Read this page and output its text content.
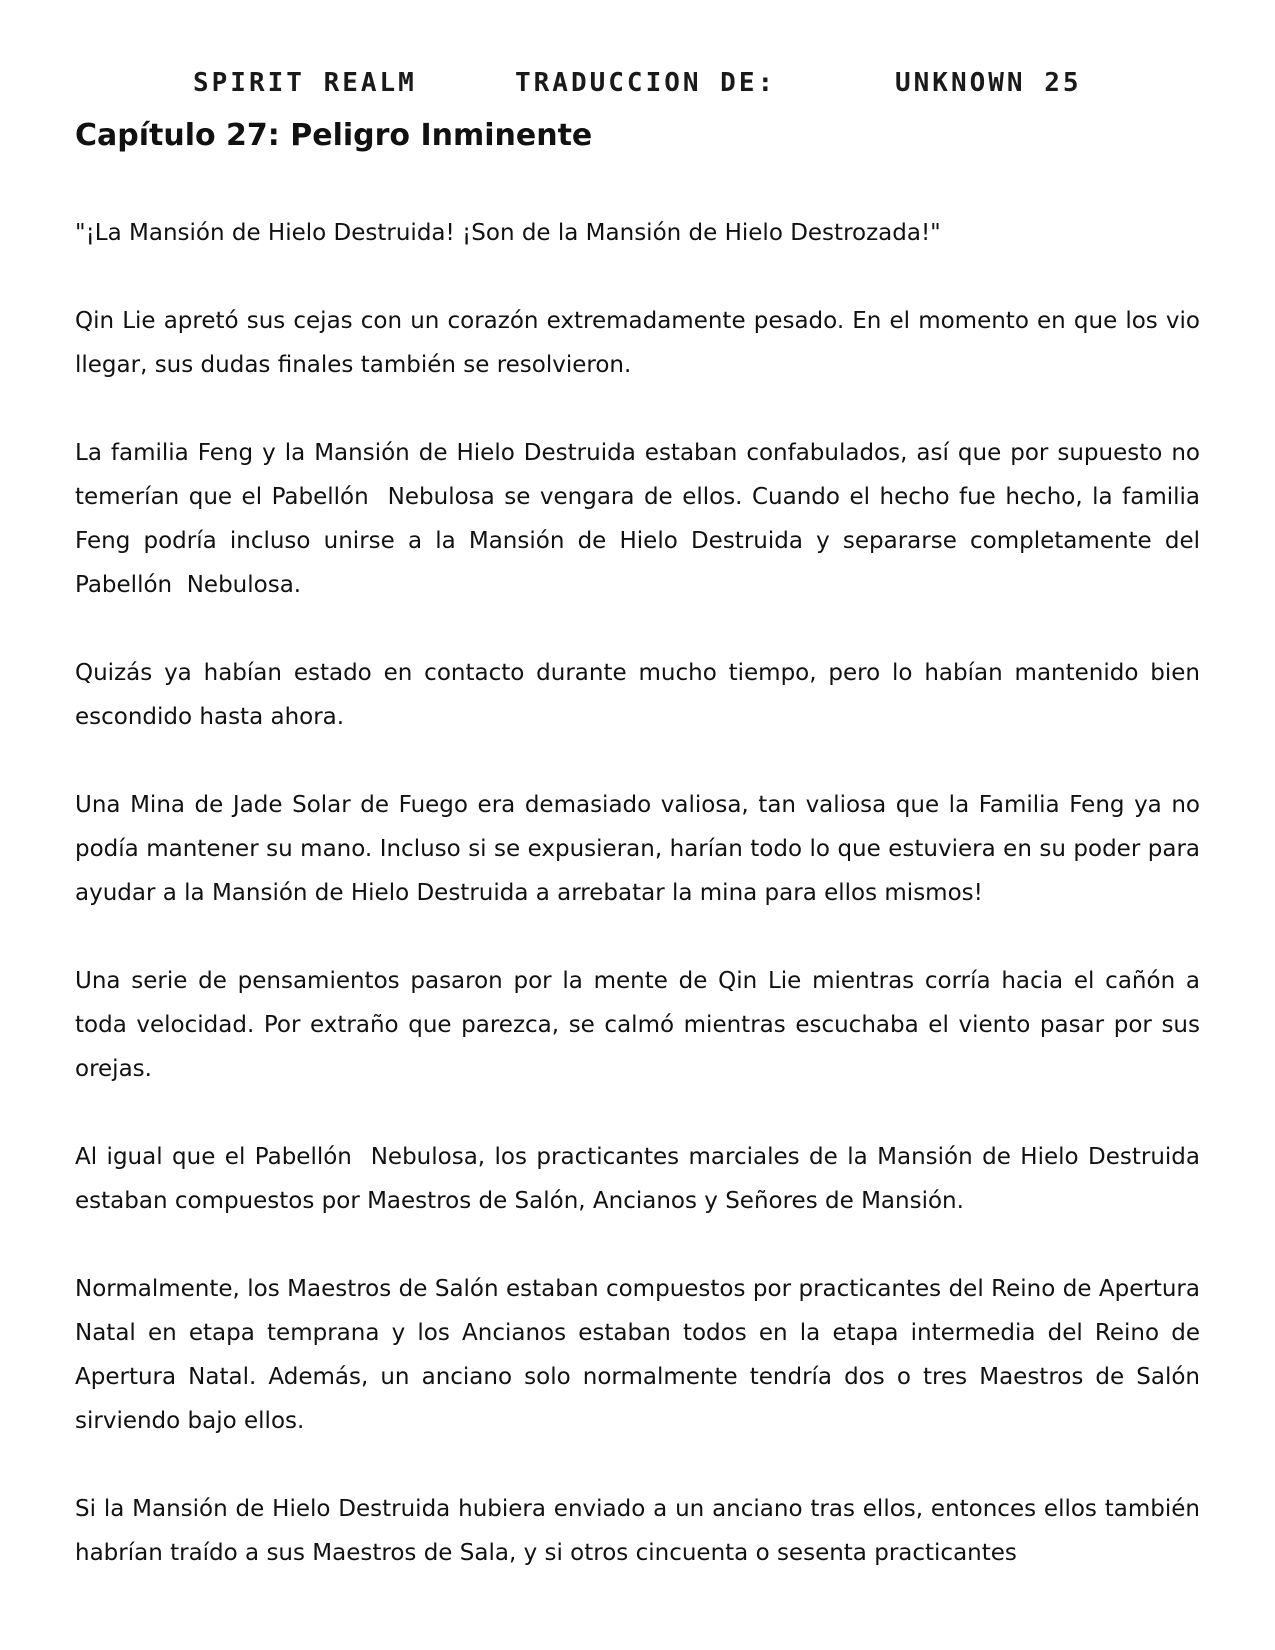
SPIRIT REALM	TRADUCCION DE:	UNKNOWN 25
Capítulo 27: Peligro Inminente

"¡La Mansión de Hielo Destruida! ¡Son de la Mansión de Hielo Destrozada!"

Qin Lie apretó sus cejas con un corazón extremadamente pesado. En el momento en que los vio llegar, sus dudas finales también se resolvieron.

La familia Feng y la Mansión de Hielo Destruida estaban confabulados, así que por supuesto no temerían que el Pabellón  Nebulosa se vengara de ellos. Cuando el hecho fue hecho, la familia Feng podría incluso unirse a la Mansión de Hielo Destruida y separarse completamente del Pabellón  Nebulosa.

Quizás ya habían estado en contacto durante mucho tiempo, pero lo habían mantenido bien escondido hasta ahora.

Una Mina de Jade Solar de Fuego era demasiado valiosa, tan valiosa que la Familia Feng ya no podía mantener su mano. Incluso si se expusieran, harían todo lo que estuviera en su poder para ayudar a la Mansión de Hielo Destruida a arrebatar la mina para ellos mismos!

Una serie de pensamientos pasaron por la mente de Qin Lie mientras corría hacia el cañón a toda velocidad. Por extraño que parezca, se calmó mientras escuchaba el viento pasar por sus orejas.

Al igual que el Pabellón  Nebulosa, los practicantes marciales de la Mansión de Hielo Destruida estaban compuestos por Maestros de Salón, Ancianos y Señores de Mansión.

Normalmente, los Maestros de Salón estaban compuestos por practicantes del Reino de Apertura Natal en etapa temprana y los Ancianos estaban todos en la etapa intermedia del Reino de Apertura Natal. Además, un anciano solo normalmente tendría dos o tres Maestros de Salón sirviendo bajo ellos.

Si la Mansión de Hielo Destruida hubiera enviado a un anciano tras ellos, entonces ellos también habrían traído a sus Maestros de Sala, y si otros cincuenta o sesenta practicantes
